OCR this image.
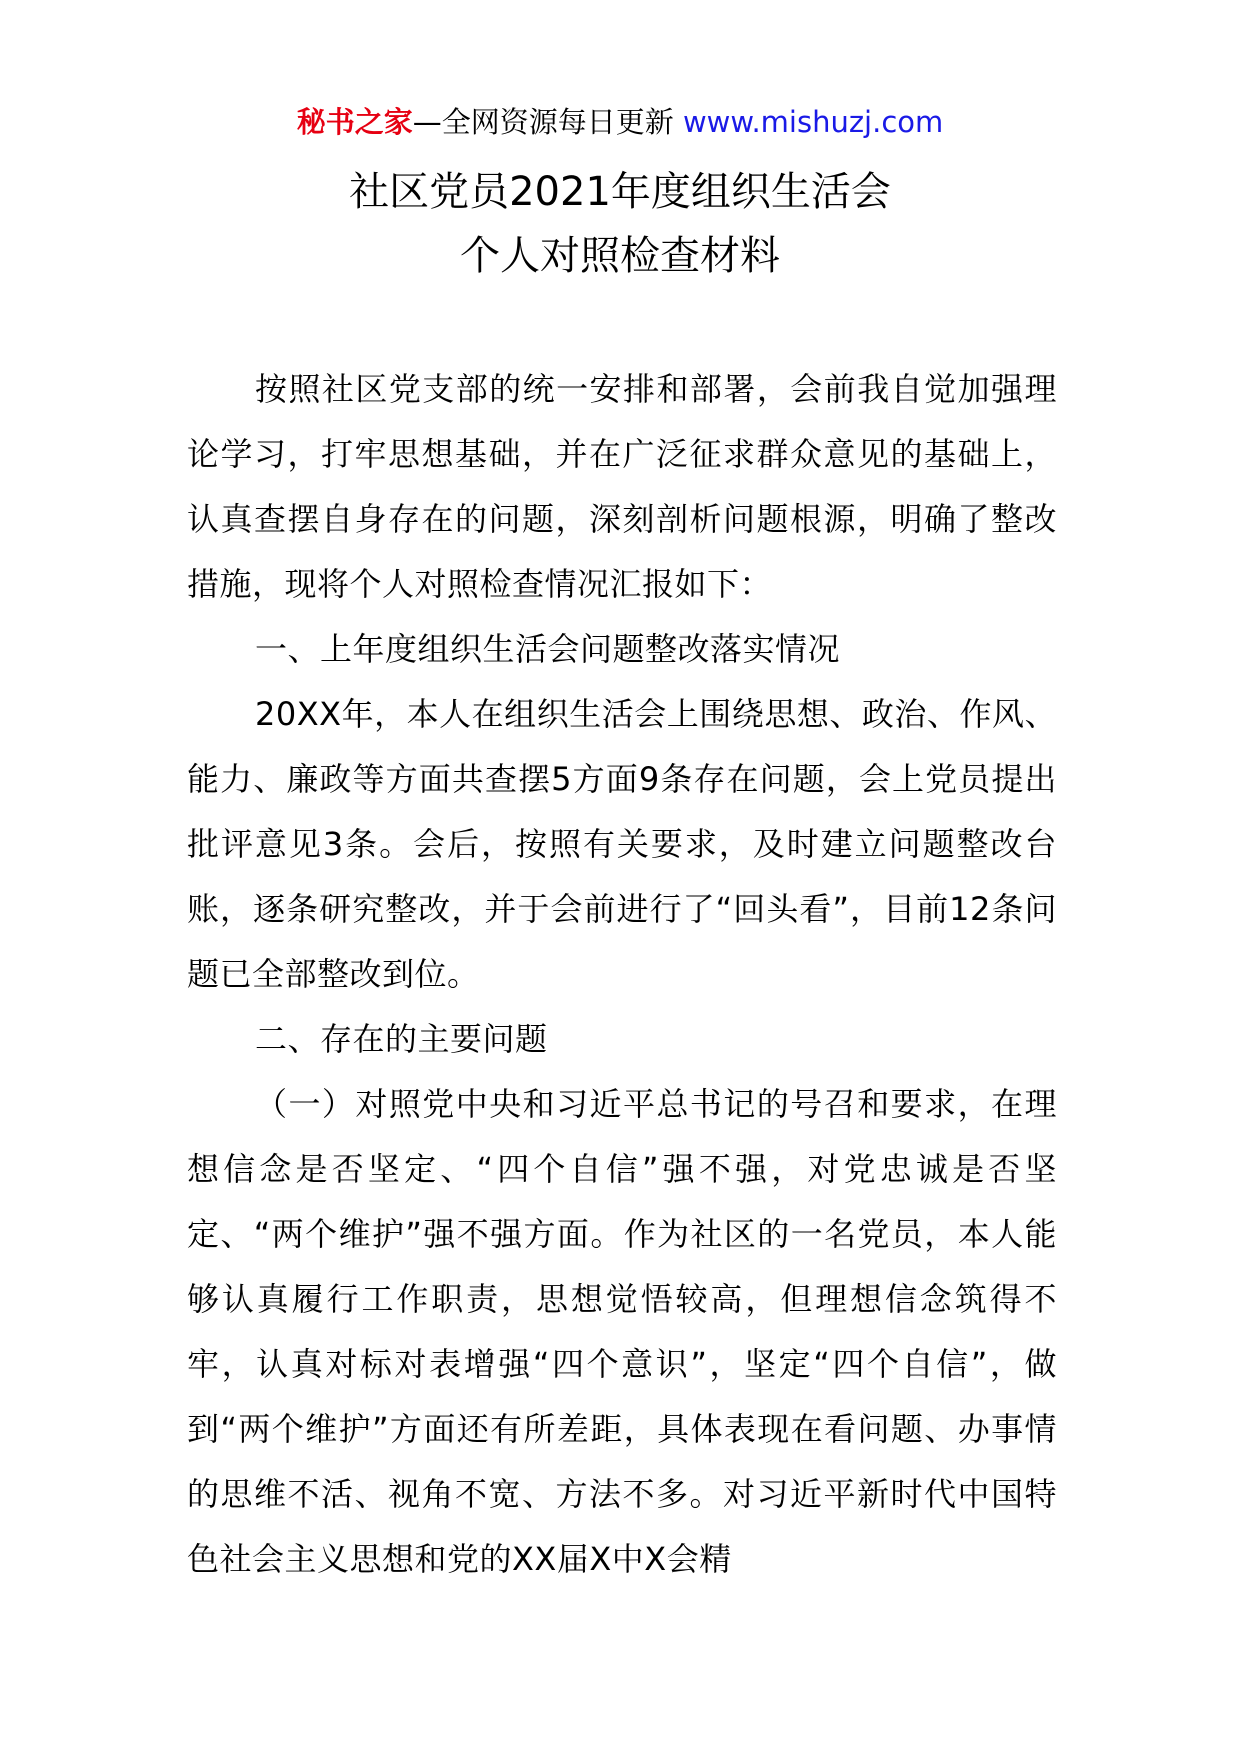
秘书之家—全网资源每日更新 www.mishuzj.com
社区党员2021年度组织生活会
个人对照检查材料

按照社区党支部的统一安排和部署，会前我自觉加强理论学习，打牢思想基础，并在广泛征求群众意见的基础上，认真查摆自身存在的问题，深刻剖析问题根源，明确了整改措施，现将个人对照检查情况汇报如下：

一、上年度组织生活会问题整改落实情况

20XX年，本人在组织生活会上围绕思想、政治、作风、能力、廉政等方面共查摆5方面9条存在问题，会上党员提出批评意见3条。会后，按照有关要求，及时建立问题整改台账，逐条研究整改，并于会前进行了“回头看”，目前12条问题已全部整改到位。

二、存在的主要问题

（一）对照党中央和习近平总书记的号召和要求，在理想信念是否坚定、“四个自信”强不强，对党忠诚是否坚定、“两个维护”强不强方面。作为社区的一名党员，本人能够认真履行工作职责，思想觉悟较高，但理想信念筑得不牢，认真对标对表增强“四个意识”，坚定“四个自信”，做到“两个维护”方面还有所差距，具体表现在看问题、办事情的思维不活、视角不宽、方法不多。对习近平新时代中国特色社会主义思想和党的XX届X中X会精
